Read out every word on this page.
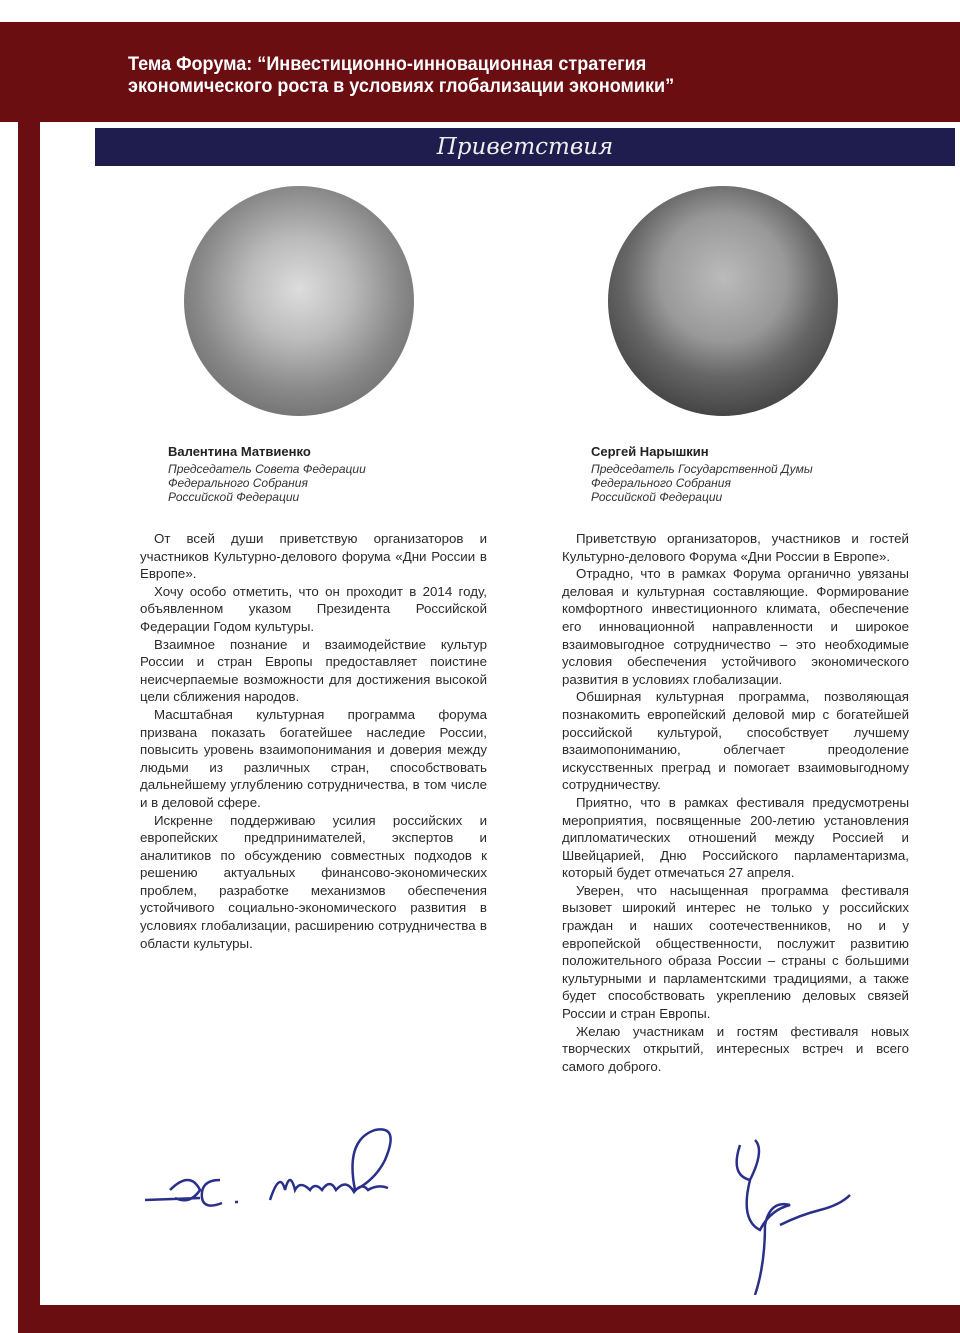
Тема Форума: “Инвестиционно-инновационная стратегия
экономического роста в условиях глобализации экономики”
Приветствия
Валентина Матвиенко
Председатель Совета Федерации
Федерального Собрания
Российской Федерации
Сергей Нарышкин
Председатель Государственной Думы
Федерального Собрания
Российской Федерации

От всей души приветствую организаторов и участников Культурно-делового форума «Дни России в Европе».

Хочу особо отметить, что он проходит в 2014 году, объявленном указом Президента Российской Федерации Годом культуры.

Взаимное познание и взаимодействие культур России и стран Европы предоставляет поистине неисчерпаемые возможности для достижения высокой цели сближения народов.

Масштабная культурная программа форума призвана показать богатейшее наследие России, повысить уровень взаимопонимания и доверия между людьми из различных стран, способствовать дальнейшему углублению сотрудничества, в том числе и в деловой сфере.

Искренне поддерживаю усилия российских и европейских предпринимателей, экспертов и аналитиков по обсуждению совместных подходов к решению актуальных финансово-экономических проблем, разработке механизмов обеспечения устойчивого социально-экономического развития в условиях глобализации, расширению сотрудничества в области культуры.

Приветствую организаторов, участников и гостей Культурно-делового Форума «Дни России в Европе».

Отрадно, что в рамках Форума органично увязаны деловая и культурная составляющие. Формирование комфортного инвестиционного климата, обеспечение его инновационной направленности и широкое взаимовыгодное сотрудничество – это необходимые условия обеспечения устойчивого экономического развития в условиях глобализации.

Обширная культурная программа, позволяющая познакомить европейский деловой мир с богатейшей российской культурой, способствует лучшему взаимопониманию, облегчает преодоление искусственных преград и помогает взаимовыгодному сотрудничеству.

Приятно, что в рамках фестиваля предусмотрены мероприятия, посвященные 200-летию установления дипломатических отношений между Россией и Швейцарией, Дню Российского парламентаризма, который будет отмечаться 27 апреля.

Уверен, что насыщенная программа фестиваля вызовет широкий интерес не только у российских граждан и наших соотечественников, но и у европейской общественности, послужит развитию положительного образа России – страны с большими культурными и парламентскими традициями, а также будет способствовать укреплению деловых связей России и стран Европы.

Желаю участникам и гостям фестиваля новых творческих открытий, интересных встреч и всего самого доброго.
